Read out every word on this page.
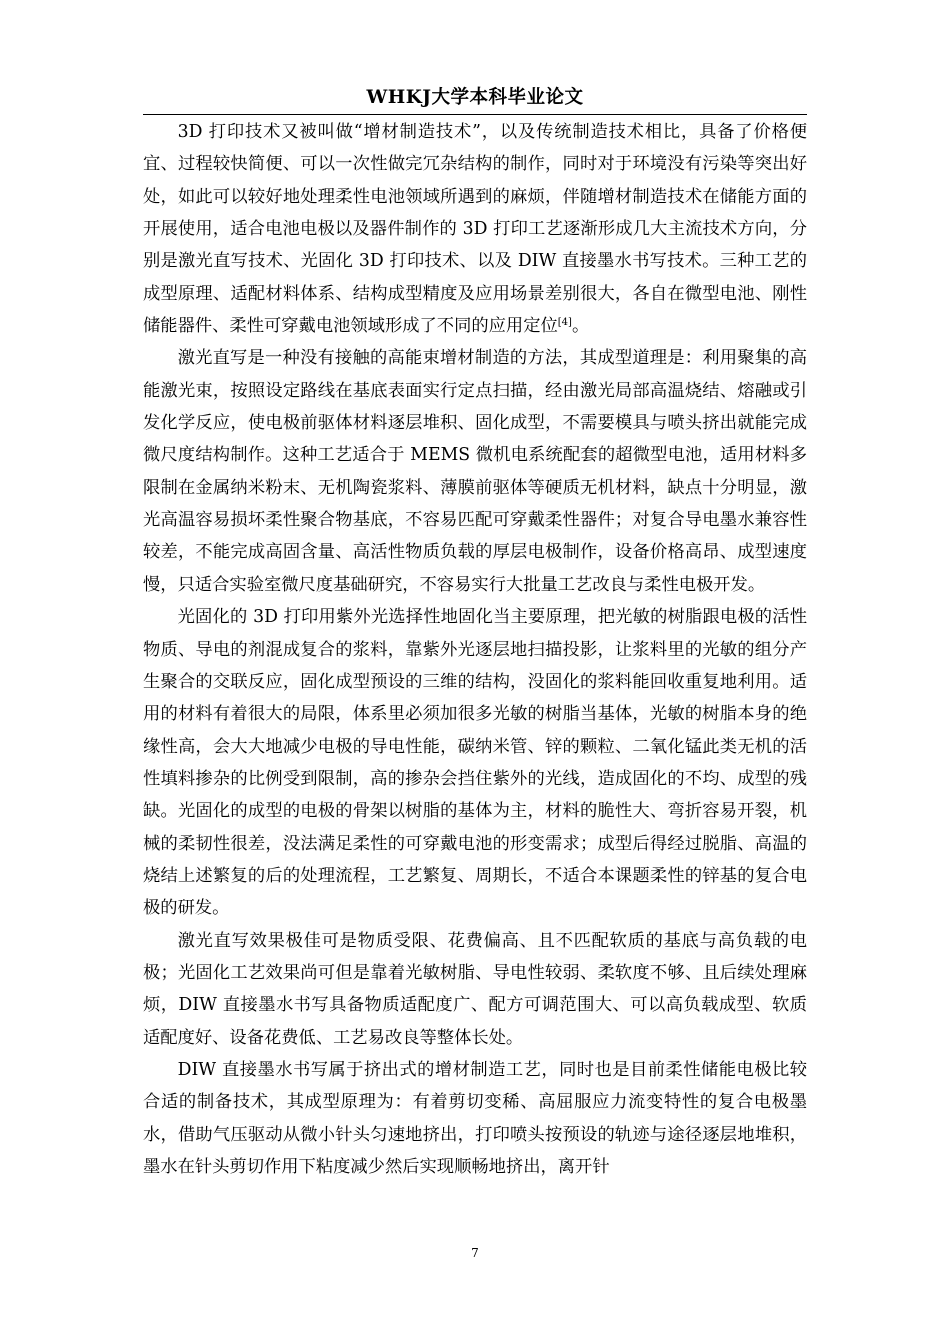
WHKJ大学本科毕业论文

3D 打印技术又被叫做“增材制造技术”，以及传统制造技术相比，具备了价格便宜、过程较快简便、可以一次性做完冗杂结构的制作，同时对于环境没有污染等突出好处，如此可以较好地处理柔性电池领域所遇到的麻烦，伴随增材制造技术在储能方面的开展使用，适合电池电极以及器件制作的 3D 打印工艺逐渐形成几大主流技术方向，分别是激光直写技术、光固化 3D 打印技术、以及 DIW 直接墨水书写技术。三种工艺的成型原理、适配材料体系、结构成型精度及应用场景差别很大，各自在微型电池、刚性储能器件、柔性可穿戴电池领域形成了不同的应用定位[4]。

激光直写是一种没有接触的高能束增材制造的方法，其成型道理是：利用聚集的高能激光束，按照设定路线在基底表面实行定点扫描，经由激光局部高温烧结、熔融或引发化学反应，使电极前驱体材料逐层堆积、固化成型，不需要模具与喷头挤出就能完成微尺度结构制作。这种工艺适合于 MEMS 微机电系统配套的超微型电池，适用材料多限制在金属纳米粉末、无机陶瓷浆料、薄膜前驱体等硬质无机材料，缺点十分明显，激光高温容易损坏柔性聚合物基底，不容易匹配可穿戴柔性器件；对复合导电墨水兼容性较差，不能完成高固含量、高活性物质负载的厚层电极制作，设备价格高昂、成型速度慢，只适合实验室微尺度基础研究，不容易实行大批量工艺改良与柔性电极开发。

光固化的 3D 打印用紫外光选择性地固化当主要原理，把光敏的树脂跟电极的活性物质、导电的剂混成复合的浆料，靠紫外光逐层地扫描投影，让浆料里的光敏的组分产生聚合的交联反应，固化成型预设的三维的结构，没固化的浆料能回收重复地利用。适用的材料有着很大的局限，体系里必须加很多光敏的树脂当基体，光敏的树脂本身的绝缘性高，会大大地减少电极的导电性能，碳纳米管、锌的颗粒、二氧化锰此类无机的活性填料掺杂的比例受到限制，高的掺杂会挡住紫外的光线，造成固化的不均、成型的残缺。光固化的成型的电极的骨架以树脂的基体为主，材料的脆性大、弯折容易开裂，机械的柔韧性很差，没法满足柔性的可穿戴电池的形变需求；成型后得经过脱脂、高温的烧结上述繁复的后的处理流程，工艺繁复、周期长，不适合本课题柔性的锌基的复合电极的研发。

激光直写效果极佳可是物质受限、花费偏高、且不匹配软质的基底与高负载的电极；光固化工艺效果尚可但是靠着光敏树脂、导电性较弱、柔软度不够、且后续处理麻烦，DIW 直接墨水书写具备物质适配度广、配方可调范围大、可以高负载成型、软质适配度好、设备花费低、工艺易改良等整体长处。

DIW 直接墨水书写属于挤出式的增材制造工艺，同时也是目前柔性储能电极比较合适的制备技术，其成型原理为：有着剪切变稀、高屈服应力流变特性的复合电极墨水，借助气压驱动从微小针头匀速地挤出，打印喷头按预设的轨迹与途径逐层地堆积，墨水在针头剪切作用下粘度减少然后实现顺畅地挤出，离开针

7
